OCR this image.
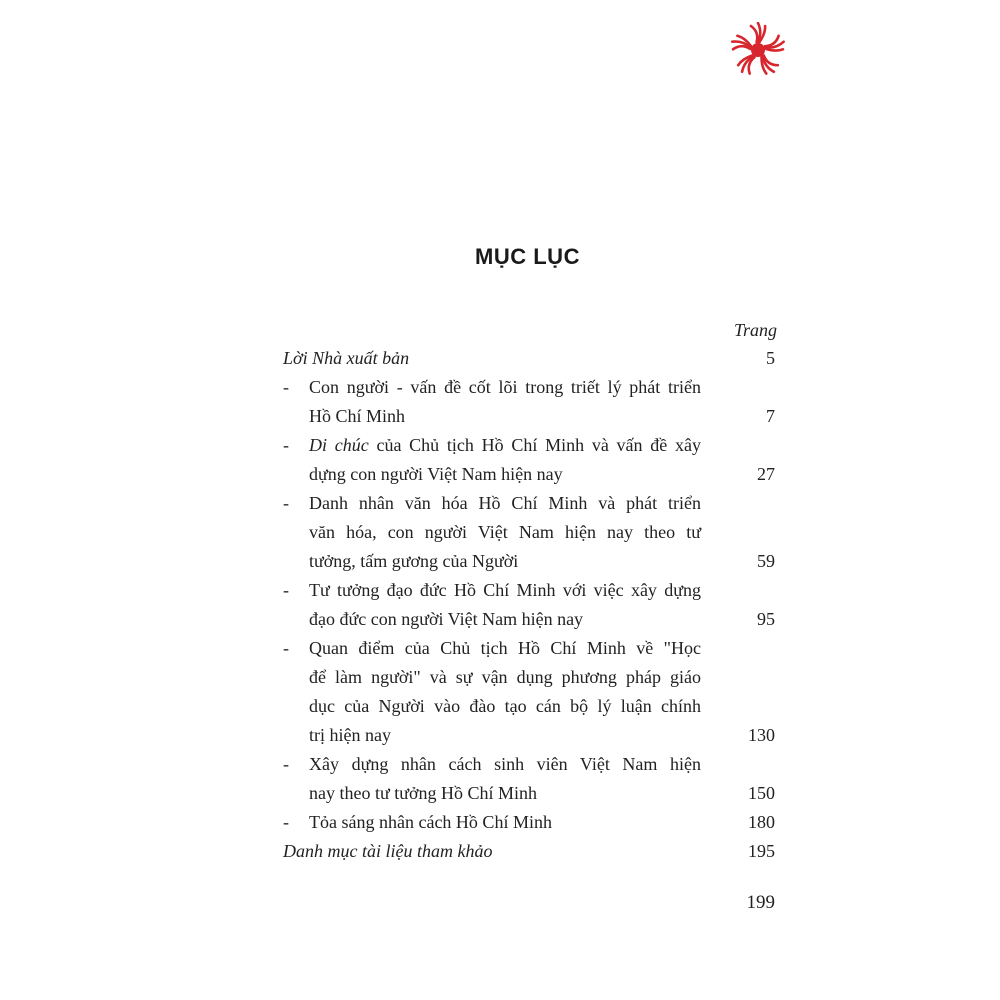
MỤC LỤC
Trang
Lời Nhà xuất bản	5
-	Con người - vấn đề cốt lõi trong triết lý phát triển
Hồ Chí Minh	7
-	Di chúc của Chủ tịch Hồ Chí Minh và vấn đề xây
dựng con người Việt Nam hiện nay	27
-	Danh nhân văn hóa Hồ Chí Minh và phát triển
văn hóa, con người Việt Nam hiện nay theo tư
tưởng, tấm gương của Người	59
-	Tư tưởng đạo đức Hồ Chí Minh với việc xây dựng
đạo đức con người Việt Nam hiện nay	95
-	Quan điểm của Chủ tịch Hồ Chí Minh về "Học
để làm người" và sự vận dụng phương pháp giáo
dục của Người vào đào tạo cán bộ lý luận chính
trị hiện nay	130
-	Xây dựng nhân cách sinh viên Việt Nam hiện
nay theo tư tưởng Hồ Chí Minh	150
-	Tỏa sáng nhân cách Hồ Chí Minh	180
Danh mục tài liệu tham khảo	195
199
